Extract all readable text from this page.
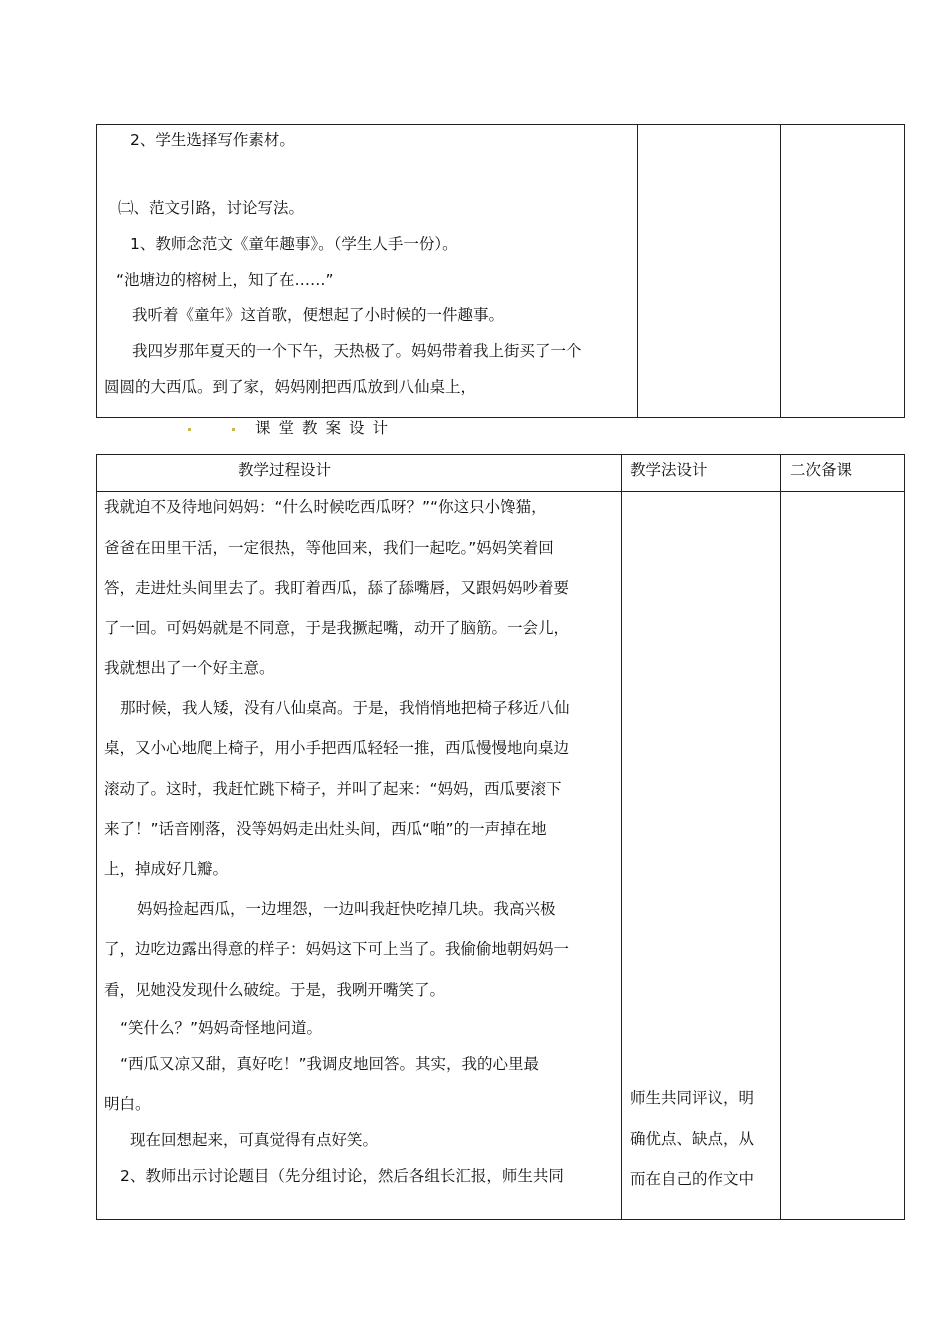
2、学生选择写作素材。
㈡、范文引路，讨论写法。
1、教师念范文《童年趣事》。（学生人手一份）。
“池塘边的榕树上，知了在……”
我听着《童年》这首歌，便想起了小时候的一件趣事。
我四岁那年夏天的一个下午，天热极了。妈妈带着我上街买了一个
圆圆的大西瓜。到了家，妈妈刚把西瓜放到八仙桌上，
课堂教案设计
教学过程设计	教学法设计	二次备课
我就迫不及待地问妈妈：“什么时候吃西瓜呀？”“你这只小馋猫，
爸爸在田里干活，一定很热，等他回来，我们一起吃。”妈妈笑着回
答，走进灶头间里去了。我盯着西瓜，舔了舔嘴唇，又跟妈妈吵着要
了一回。可妈妈就是不同意，于是我撅起嘴，动开了脑筋。一会儿，
我就想出了一个好主意。
那时候，我人矮，没有八仙桌高。于是，我悄悄地把椅子移近八仙
桌，又小心地爬上椅子，用小手把西瓜轻轻一推，西瓜慢慢地向桌边
滚动了。这时，我赶忙跳下椅子，并叫了起来：“妈妈，西瓜要滚下
来了！”话音刚落，没等妈妈走出灶头间，西瓜“啪”的一声掉在地
上，掉成好几瓣。
妈妈捡起西瓜，一边埋怨，一边叫我赶快吃掉几块。我高兴极
了，边吃边露出得意的样子：妈妈这下可上当了。我偷偷地朝妈妈一
看，见她没发现什么破绽。于是，我咧开嘴笑了。
“笑什么？”妈妈奇怪地问道。
“西瓜又凉又甜，真好吃！”我调皮地回答。其实，我的心里最
明白。
现在回想起来，可真觉得有点好笑。
2、教师出示讨论题目（先分组讨论，然后各组长汇报，师生共同
师生共同评议，明
确优点、缺点，从
而在自己的作文中
